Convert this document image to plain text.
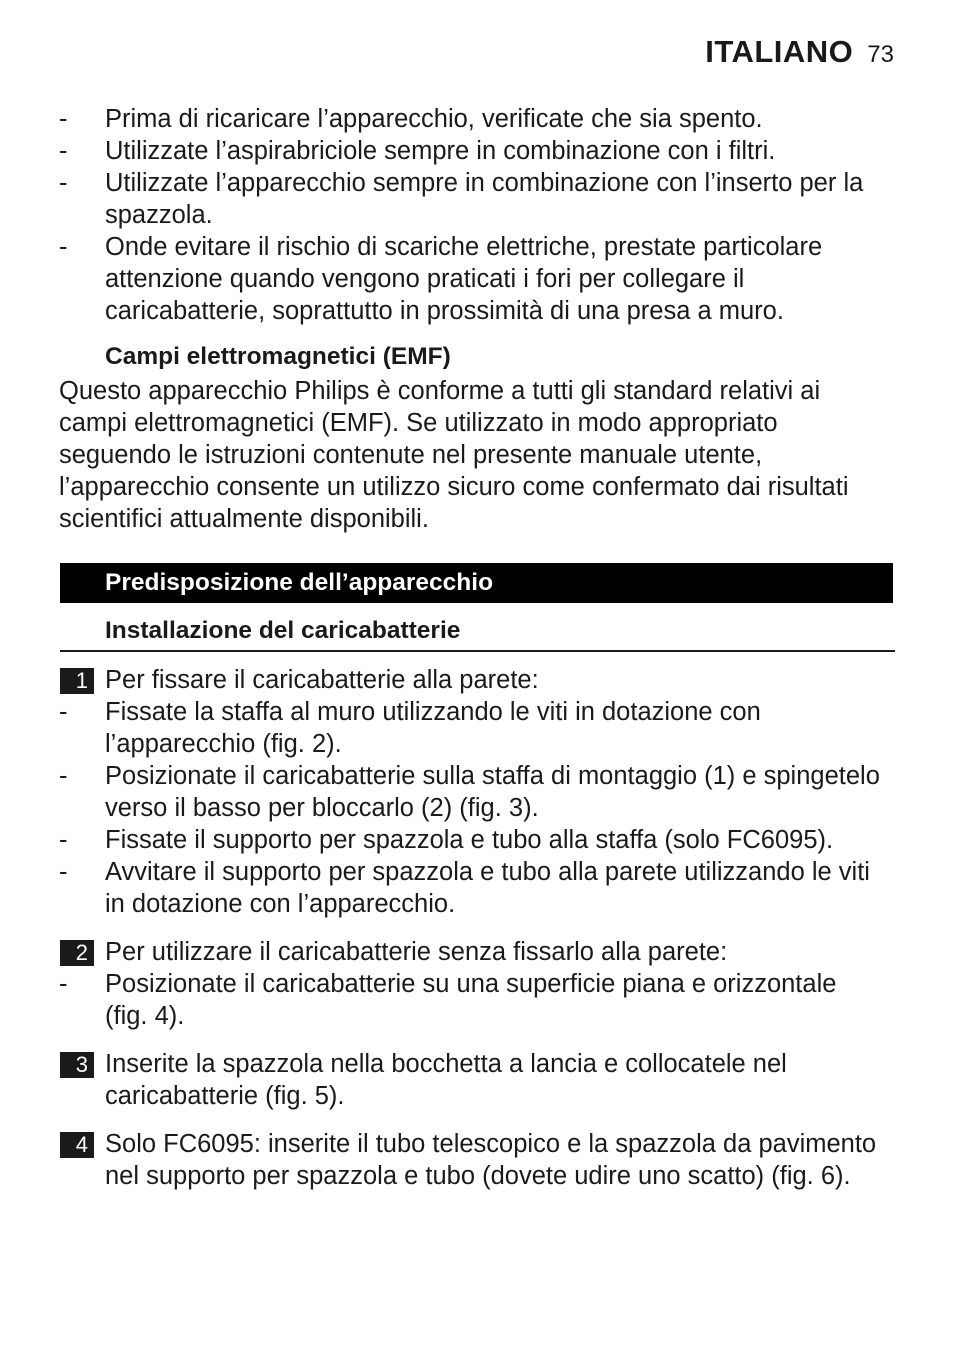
ITALIANO 73
-	Prima di ricaricare l’apparecchio, verificate che sia spento.
-	Utilizzate l’aspirabriciole sempre in combinazione con i filtri.
-	Utilizzate l’apparecchio sempre in combinazione con l’inserto per la spazzola.
-	Onde evitare il rischio di scariche elettriche, prestate particolare attenzione quando vengono praticati i fori per collegare il caricabatterie, soprattutto in prossimità di una presa a muro.
Campi elettromagnetici (EMF)
Questo apparecchio Philips è conforme a tutti gli standard relativi ai campi elettromagnetici (EMF). Se utilizzato in modo appropriato seguendo le istruzioni contenute nel presente manuale utente, l’apparecchio consente un utilizzo sicuro come confermato dai risultati scientifici attualmente disponibili.
Predisposizione dell’apparecchio
Installazione del caricabatterie
1 Per fissare il caricabatterie alla parete:
-	Fissate la staffa al muro utilizzando le viti in dotazione con l’apparecchio (fig. 2).
-	Posizionate il caricabatterie sulla staffa di montaggio (1) e spingetelo verso il basso per bloccarlo (2) (fig. 3).
-	Fissate il supporto per spazzola e tubo alla staffa (solo FC6095).
-	Avvitare il supporto per spazzola e tubo alla parete utilizzando le viti in dotazione con l’apparecchio.
2 Per utilizzare il caricabatterie senza fissarlo alla parete:
-	Posizionate il caricabatterie su una superficie piana e orizzontale (fig. 4).
3 Inserite la spazzola nella bocchetta a lancia e collocatele nel caricabatterie (fig. 5).
4 Solo FC6095: inserite il tubo telescopico e la spazzola da pavimento nel supporto per spazzola e tubo (dovete udire uno scatto) (fig. 6).
